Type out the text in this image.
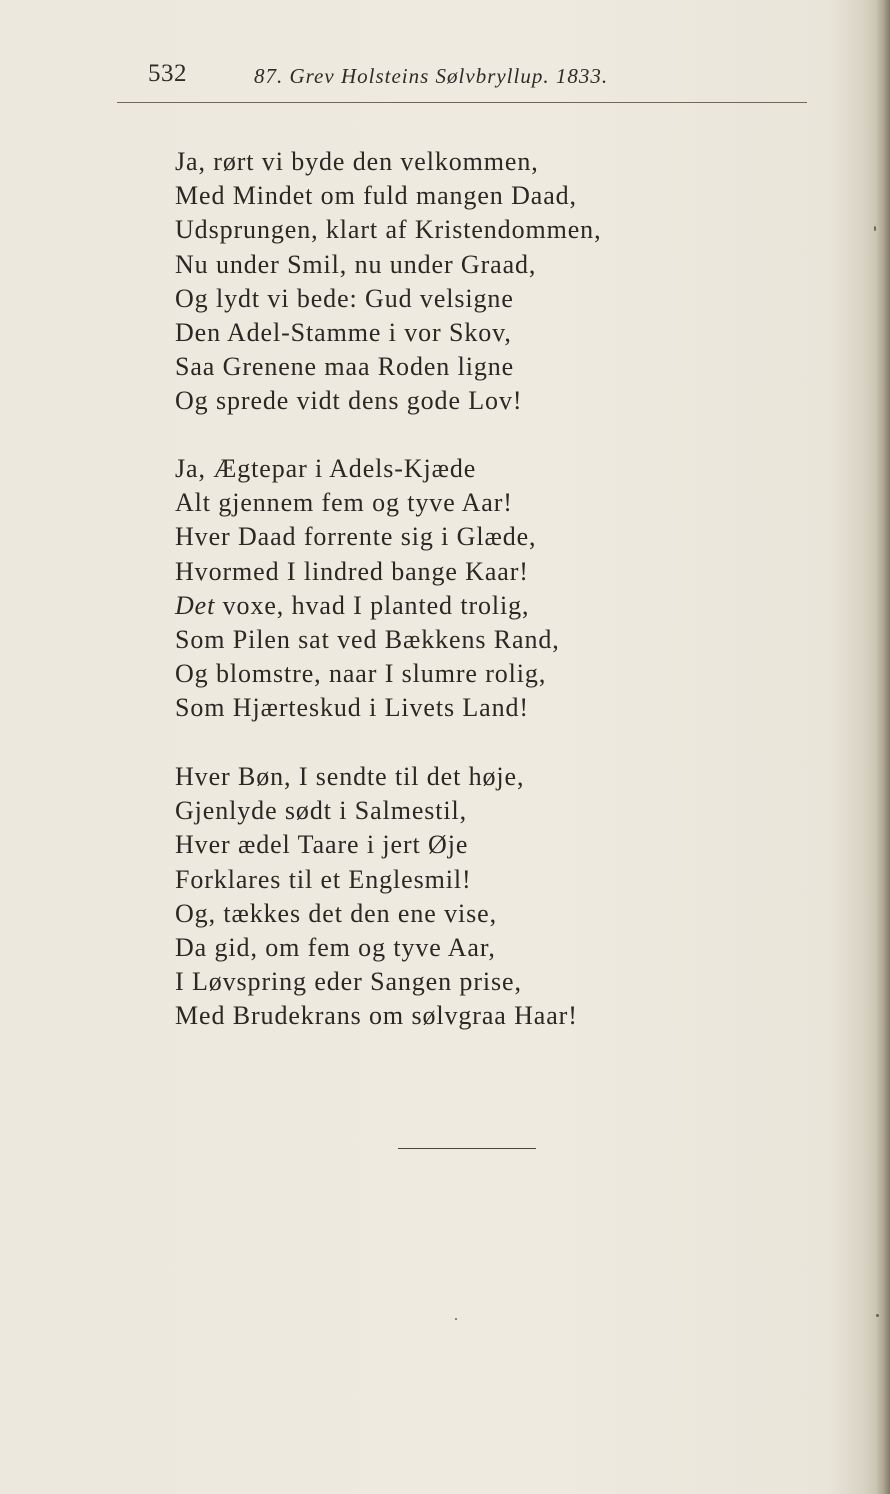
532	87. Grev Holsteins Sølvbryllup. 1833.
Ja, rørt vi byde den velkommen,
Med Mindet om fuld mangen Daad,
Udsprungen, klart af Kristendommen,
Nu under Smil, nu under Graad,
Og lydt vi bede: Gud velsigne
Den Adel-Stamme i vor Skov,
Saa Grenene maa Roden ligne
Og sprede vidt dens gode Lov!
Ja, Ægtepar i Adels-Kjæde
Alt gjennem fem og tyve Aar!
Hver Daad forrente sig i Glæde,
Hvormed I lindred bange Kaar!
Det voxe, hvad I planted trolig,
Som Pilen sat ved Bækkens Rand,
Og blomstre, naar I slumre rolig,
Som Hjærteskud i Livets Land!
Hver Bøn, I sendte til det høje,
Gjenlyde sødt i Salmestil,
Hver ædel Taare i jert Øje
Forklares til et Englesmil!
Og, tækkes det den ene vise,
Da gid, om fem og tyve Aar,
I Løvspring eder Sangen prise,
Med Brudekrans om sølvgraa Haar!
